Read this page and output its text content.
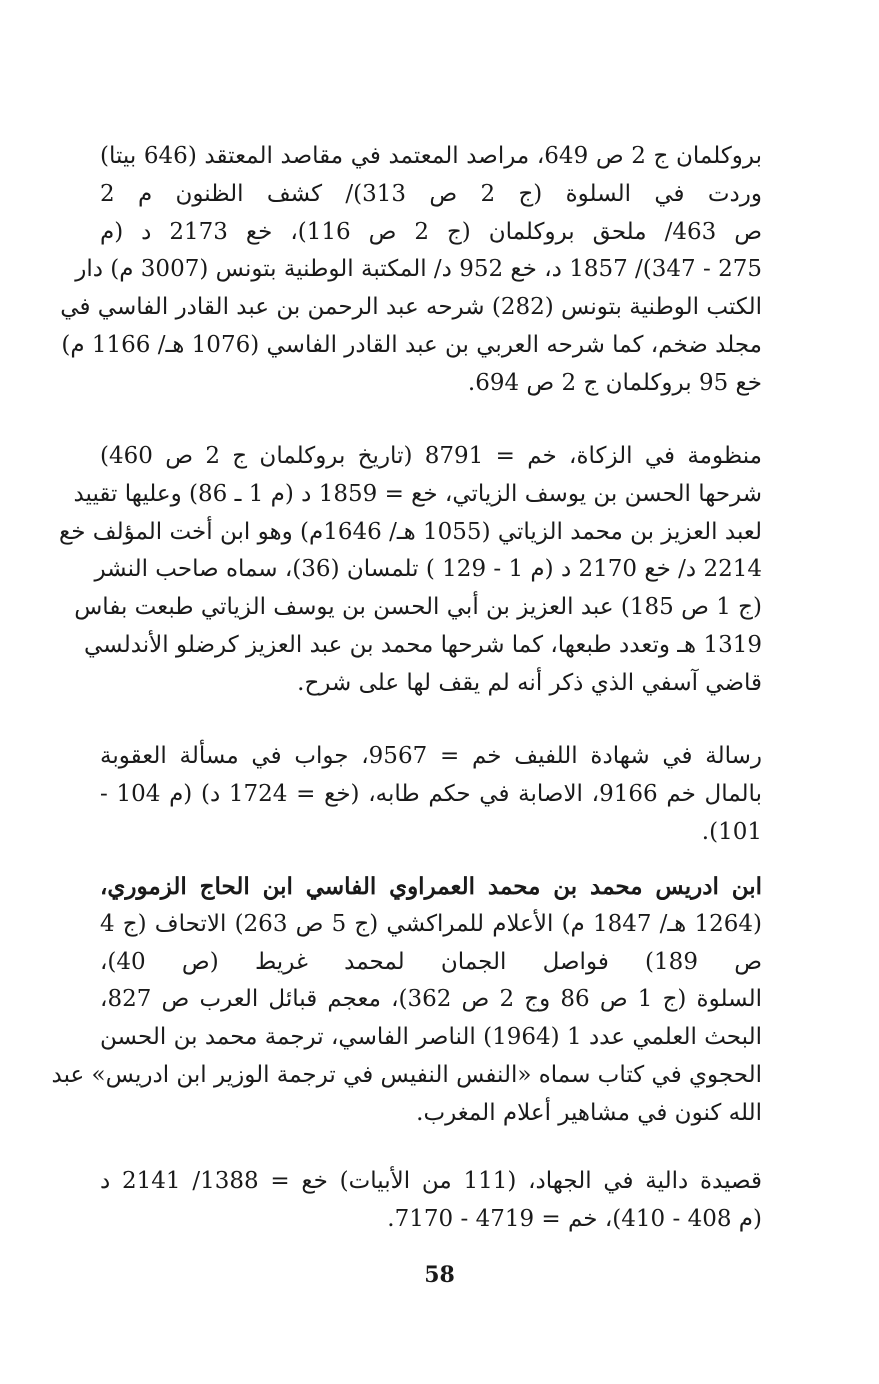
بروكلمان ج 2 ص 649، مراصد المعتمد في مقاصد المعتقد (646 بيتا)
وردت في السلوة (ج 2 ص 313)/ كشف الظنون م 2
ص 463/ ملحق بروكلمان (ج 2 ص 116)، خع 2173 د (م
275 - 347)/ 1857 د، خع 952 د/ المكتبة الوطنية بتونس (3007 م) دار
الكتب الوطنية بتونس (282) شرحه عبد الرحمن بن عبد القادر الفاسي في
مجلد ضخم، كما شرحه العربي بن عبد القادر الفاسي (1076 هـ/ 1166 م)
خع 95 بروكلمان ج 2 ص 694.
منظومة في الزكاة، خم = 8791 (تاريخ بروكلمان ج 2 ص 460)
شرحها الحسن بن يوسف الزياتي، خع = 1859 د (م 1 ـ 86) وعليها تقييد
لعبد العزيز بن محمد الزياتي (1055 هـ/ 1646م) وهو ابن أخت المؤلف خع
2214 د/ خع 2170 د (م 1 - 129 ) تلمسان (36)، سماه صاحب النشر
(ج 1 ص 185) عبد العزيز بن أبي الحسن بن يوسف الزياتي طبعت بفاس
1319 هـ وتعدد طبعها، كما شرحها محمد بن عبد العزيز كرضلو الأندلسي
قاضي آسفي الذي ذكر أنه لم يقف لها على شرح.
رسالة في شهادة اللفيف خم = 9567، جواب في مسألة العقوبة
بالمال خم 9166، الاصابة في حكم طابه، (خع = 1724 د) (م 104 -
101).
ابن ادريس محمد بن محمد العمراوي الفاسي ابن الحاج الزموري،
(1264 هـ/ 1847 م) الأعلام للمراكشي (ج 5 ص 263) الاتحاف (ج 4
ص 189) فواصل الجمان لمحمد غريط (ص 40)،
السلوة (ج 1 ص 86 وج 2 ص 362)، معجم قبائل العرب ص 827،
البحث العلمي عدد 1 (1964) الناصر الفاسي، ترجمة محمد بن الحسن
الحجوي في كتاب سماه «النفس النفيس في ترجمة الوزير ابن ادريس» عبد
الله كنون في مشاهير أعلام المغرب.
قصيدة دالية في الجهاد، (111 من الأبيات) خع = 1388/ 2141 د
(م 408 - 410)، خم = 4719 - 7170.
58
